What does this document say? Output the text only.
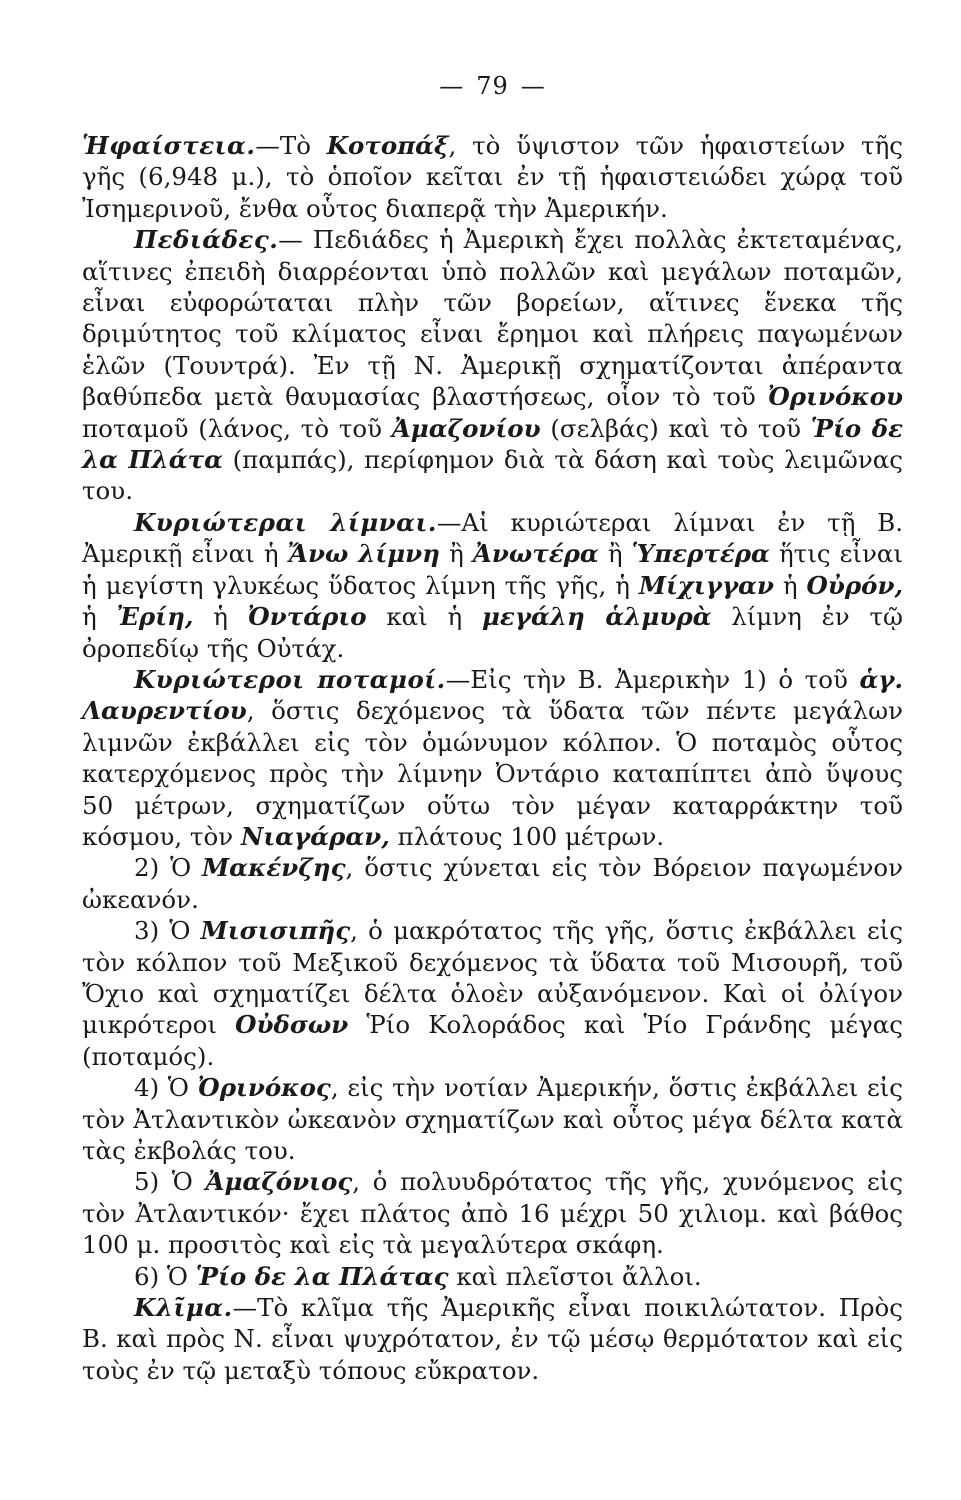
— 79 —

Ἡφαίστεια.—Τὸ Κοτοπάξ, τὸ ὕψιστον τῶν ἡφαιστείων τῆς γῆς (6,948 μ.), τὸ ὁποῖον κεῖται ἐν τῇ ἡφαιστειώδει χώρᾳ τοῦ Ἰσημερινοῦ, ἔνθα οὗτος διαπερᾷ τὴν Ἀμερικήν.

Πεδιάδες.— Πεδιάδες ἡ Ἀμερικὴ ἔχει πολλὰς ἐκτεταμένας, αἵτινες ἐπειδὴ διαρρέονται ὑπὸ πολλῶν καὶ μεγάλων ποταμῶν, εἶναι εὐφορώταται πλὴν τῶν βορείων, αἵτινες ἕνεκα τῆς δριμύτητος τοῦ κλίματος εἶναι ἔρημοι καὶ πλήρεις παγωμένων ἑλῶν (Τουντρά). Ἐν τῇ Ν. Ἀμερικῇ σχηματίζονται ἀπέραντα βαθύπεδα μετὰ θαυμασίας βλαστήσεως, οἷον τὸ τοῦ Ὀρινόκου ποταμοῦ (λάνος, τὸ τοῦ Ἀμαζονίου (σελβάς) καὶ τὸ τοῦ Ῥίο δε λα Πλάτα (παμπάς), περίφημον διὰ τὰ δάση καὶ τοὺς λειμῶνας του.

Κυριώτεραι λίμναι.—Αἱ κυριώτεραι λίμναι ἐν τῇ Β. Ἀμερικῇ εἶναι ἡ Ἄνω λίμνη ἢ Ἀνωτέρα ἢ Ὑπερτέρα ἥτις εἶναι ἡ μεγίστη γλυκέως ὕδατος λίμνη τῆς γῆς, ἡ Μίχιγγαν ἡ Οὐρόν, ἡ Ἐρίη, ἡ Ὀντάριο καὶ ἡ μεγάλη ἁλμυρὰ λίμνη ἐν τῷ ὀροπεδίῳ τῆς Οὐτάχ.

Κυριώτεροι ποταμοί.—Εἰς τὴν Β. Ἀμερικὴν 1) ὁ τοῦ ἁγ. Λαυρεντίου, ὅστις δεχόμενος τὰ ὕδατα τῶν πέντε μεγάλων λιμνῶν ἐκβάλλει εἰς τὸν ὁμώνυμον κόλπον. Ὁ ποταμὸς οὗτος κατερχόμενος πρὸς τὴν λίμνην Ὀντάριο καταπίπτει ἀπὸ ὕψους 50 μέτρων, σχηματίζων οὕτω τὸν μέγαν καταρράκτην τοῦ κόσμου, τὸν Νιαγάραν, πλάτους 100 μέτρων.

2) Ὁ Μακένζης, ὅστις χύνεται εἰς τὸν Βόρειον παγωμένον ὠκεανόν.

3) Ὁ Μισισιπῆς, ὁ μακρότατος τῆς γῆς, ὅστις ἐκβάλλει εἰς τὸν κόλπον τοῦ Μεξικοῦ δεχόμενος τὰ ὕδατα τοῦ Μισουρῆ, τοῦ Ὄχιο καὶ σχηματίζει δέλτα ὁλοὲν αὐξανόμενον. Καὶ οἱ ὀλίγον μικρότεροι Οὐδσων Ῥίο Κολοράδος καὶ Ῥίο Γράνδης μέγας (ποταμός).

4) Ὁ Ὀρινόκος, εἰς τὴν νοτίαν Ἀμερικήν, ὅστις ἐκβάλλει εἰς τὸν Ἀτλαντικὸν ὠκεανὸν σχηματίζων καὶ οὗτος μέγα δέλτα κατὰ τὰς ἐκβολάς του.

5) Ὁ Ἀμαζόνιος, ὁ πολυυδρότατος τῆς γῆς, χυνόμενος εἰς τὸν Ἀτλαντικόν· ἔχει πλάτος ἀπὸ 16 μέχρι 50 χιλιομ. καὶ βάθος 100 μ. προσιτὸς καὶ εἰς τὰ μεγαλύτερα σκάφη.

6) Ὁ Ῥίο δε λα Πλάτας καὶ πλεῖστοι ἄλλοι.

Κλῖμα.—Τὸ κλῖμα τῆς Ἀμερικῆς εἶναι ποικιλώτατον. Πρὸς Β. καὶ πρὸς Ν. εἶναι ψυχρότατον, ἐν τῷ μέσῳ θερμότατον καὶ εἰς τοὺς ἐν τῷ μεταξὺ τόπους εὔκρατον.
